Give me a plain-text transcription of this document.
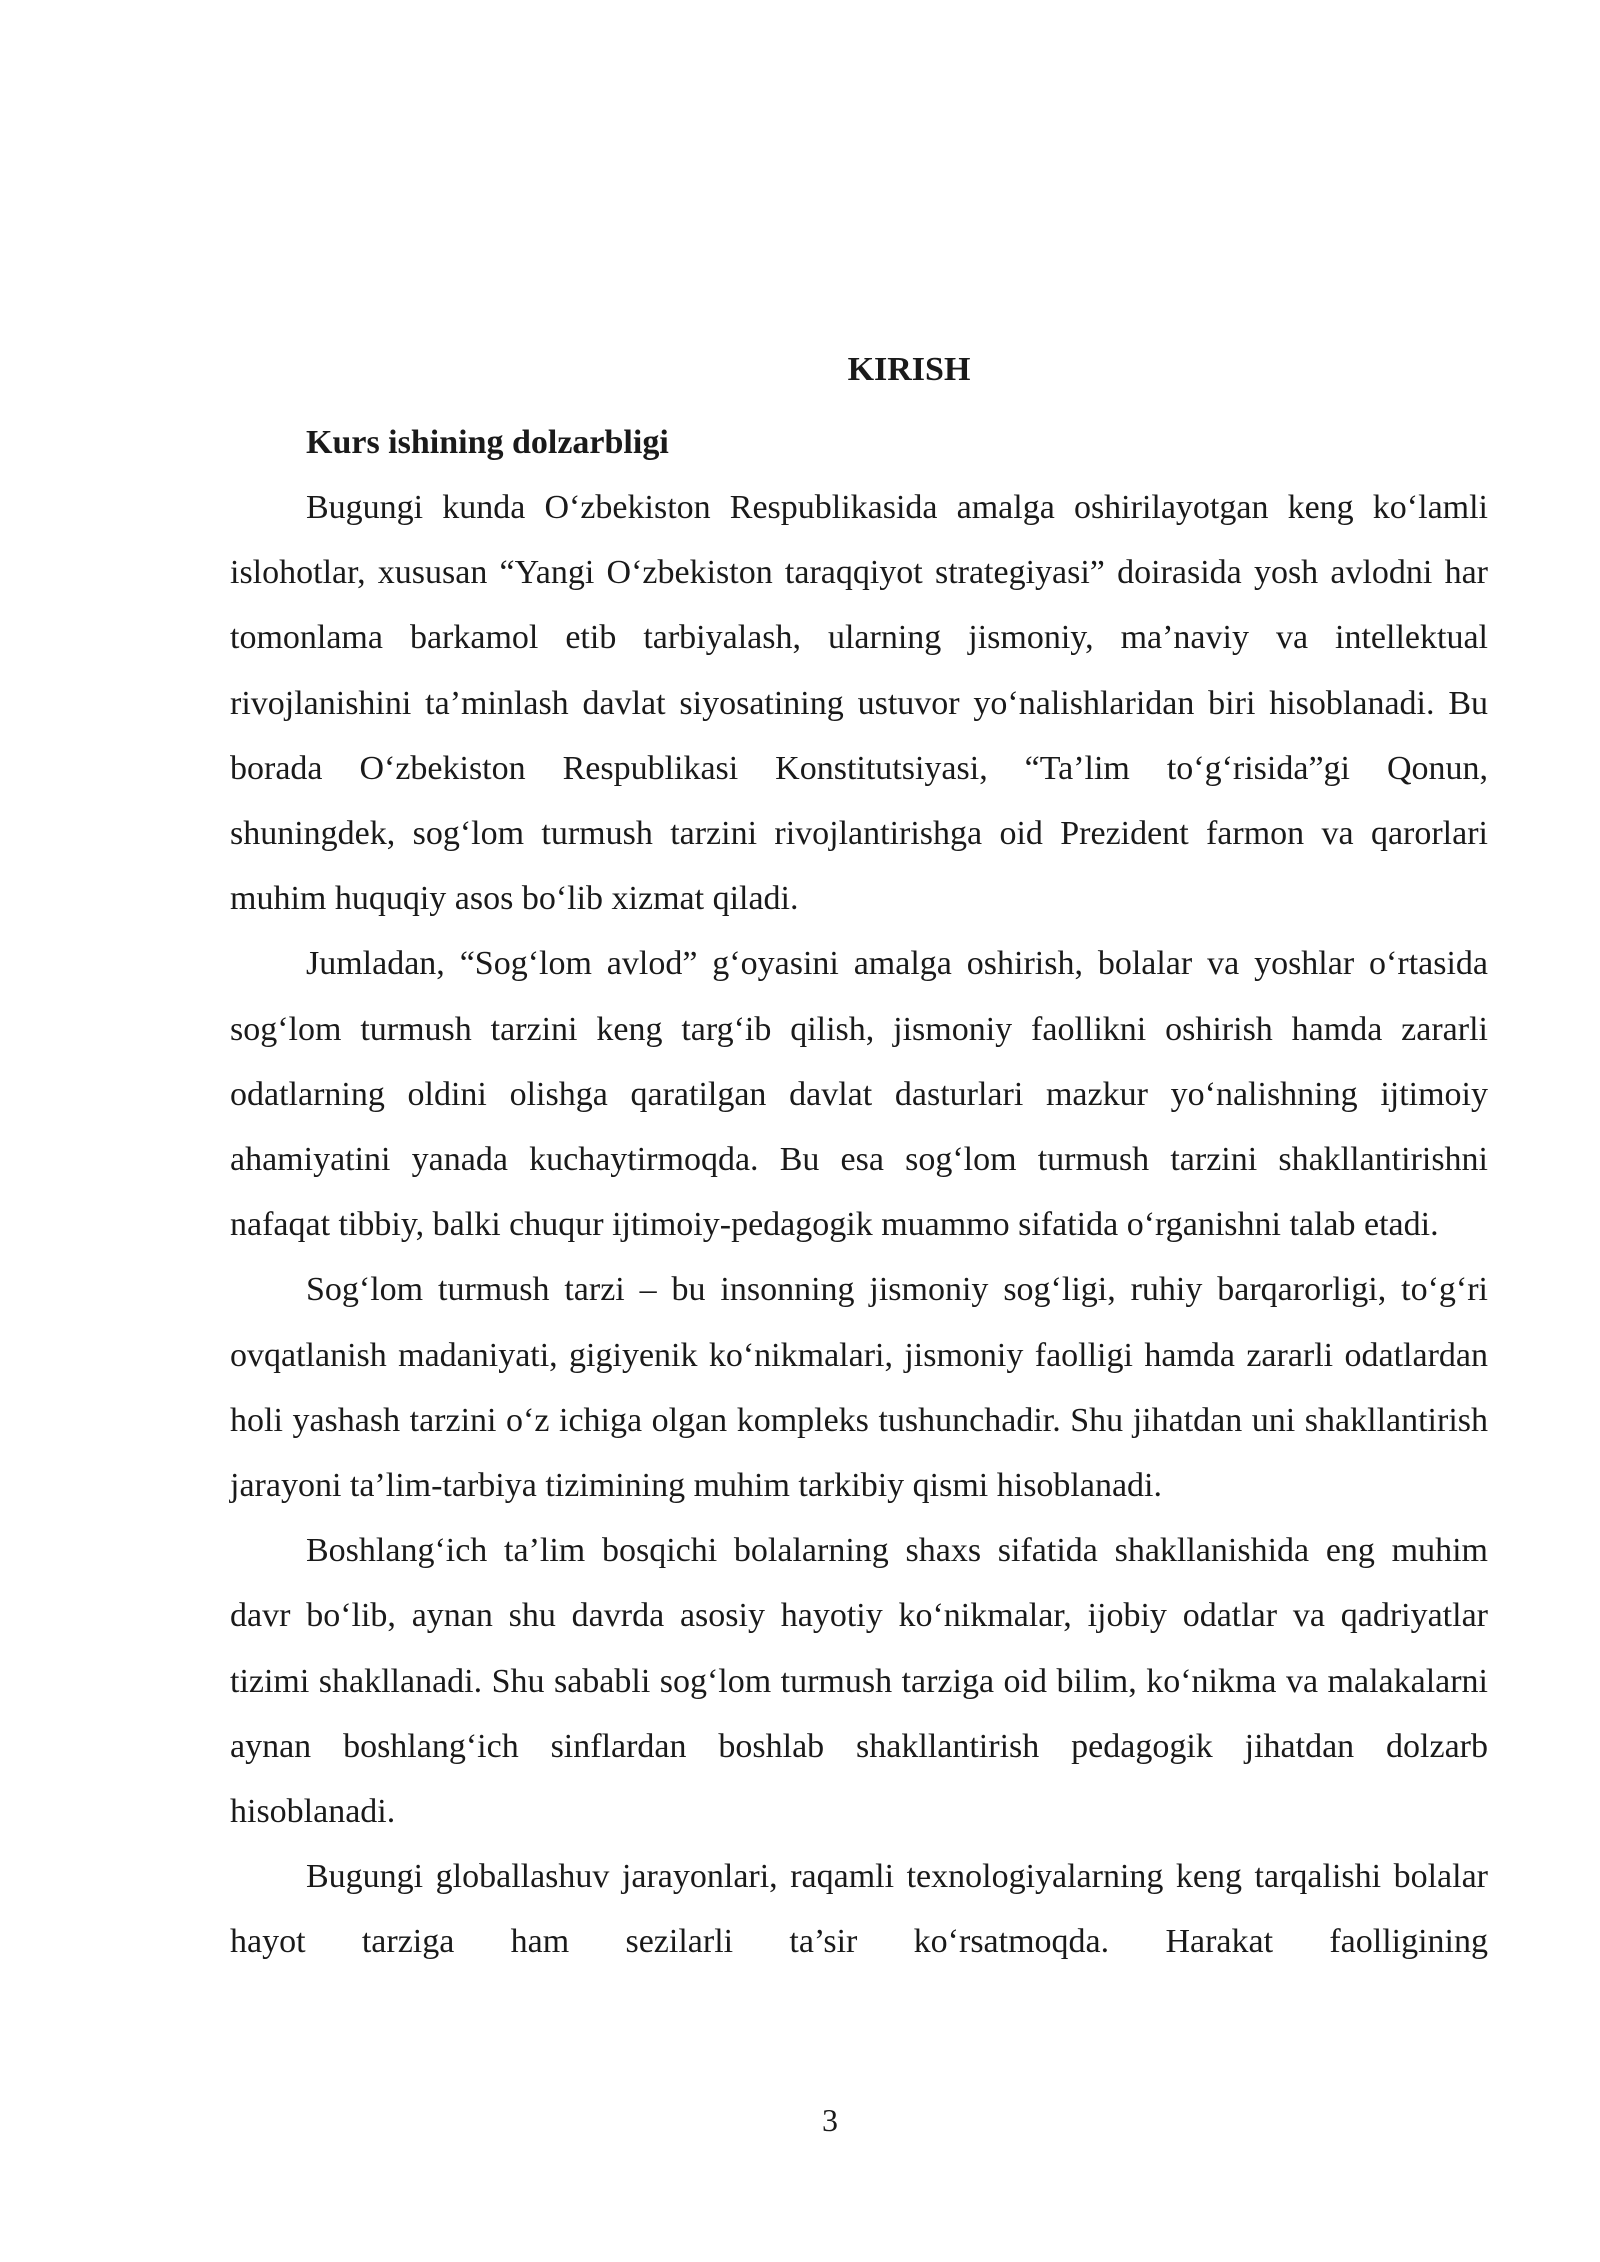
KIRISH
Kurs ishining dolzarbligi

Bugungi kunda O‘zbekiston Respublikasida amalga oshirilayotgan keng ko‘lamli islohotlar, xususan “Yangi O‘zbekiston taraqqiyot strategiyasi” doirasida yosh avlodni har tomonlama barkamol etib tarbiyalash, ularning jismoniy, ma’naviy va intellektual rivojlanishini ta’minlash davlat siyosatining ustuvor yo‘nalishlaridan biri hisoblanadi. Bu borada O‘zbekiston Respublikasi Konstitutsiyasi, “Ta’lim to‘g‘risida”gi Qonun, shuningdek, sog‘lom turmush tarzini rivojlantirishga oid Prezident farmon va qarorlari muhim huquqiy asos bo‘lib xizmat qiladi.

Jumladan, “Sog‘lom avlod” g‘oyasini amalga oshirish, bolalar va yoshlar o‘rtasida sog‘lom turmush tarzini keng targ‘ib qilish, jismoniy faollikni oshirish hamda zararli odatlarning oldini olishga qaratilgan davlat dasturlari mazkur yo‘nalishning ijtimoiy ahamiyatini yanada kuchaytirmoqda. Bu esa sog‘lom turmush tarzini shakllantirishni nafaqat tibbiy, balki chuqur ijtimoiy-pedagogik muammo sifatida o‘rganishni talab etadi.

Sog‘lom turmush tarzi – bu insonning jismoniy sog‘ligi, ruhiy barqarorligi, to‘g‘ri ovqatlanish madaniyati, gigiyenik ko‘nikmalari, jismoniy faolligi hamda zararli odatlardan holi yashash tarzini o‘z ichiga olgan kompleks tushunchadir. Shu jihatdan uni shakllantirish jarayoni ta’lim-tarbiya tizimining muhim tarkibiy qismi hisoblanadi.

Boshlang‘ich ta’lim bosqichi bolalarning shaxs sifatida shakllanishida eng muhim davr bo‘lib, aynan shu davrda asosiy hayotiy ko‘nikmalar, ijobiy odatlar va qadriyatlar tizimi shakllanadi. Shu sababli sog‘lom turmush tarziga oid bilim, ko‘nikma va malakalarni aynan boshlang‘ich sinflardan boshlab shakllantirish pedagogik jihatdan dolzarb hisoblanadi.

Bugungi globallashuv jarayonlari, raqamli texnologiyalarning keng tarqalishi bolalar hayot tarziga ham sezilarli ta’sir ko‘rsatmoqda. Harakat faolligining

3
